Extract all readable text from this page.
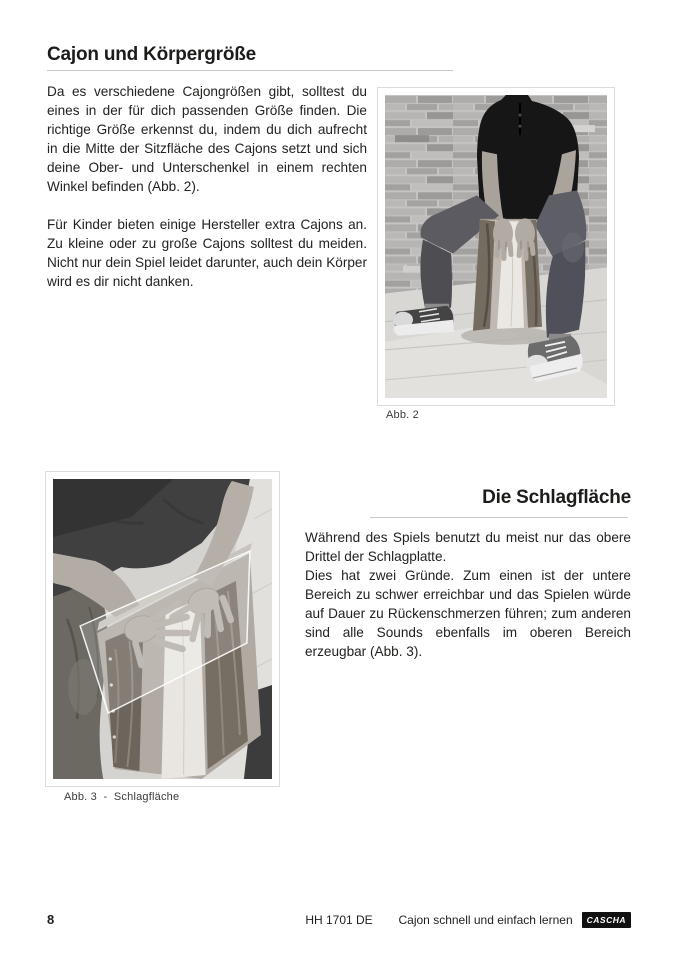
Cajon und Körpergröße

Da es verschiedene Cajongrößen gibt, solltest du eines in der für dich passenden Größe finden. Die richtige Größe erkennst du, indem du dich aufrecht in die Mitte der Sitzfläche des Cajons setzt und sich deine Ober- und Unterschenkel in einem rechten Winkel befinden (Abb. 2).

Für Kinder bieten einige Hersteller extra Cajons an. Zu kleine oder zu große Cajons solltest du meiden. Nicht nur dein Spiel leidet darunter, auch dein Körper wird es dir nicht danken.

Abb. 2
Die Schlagfläche

Während des Spiels benutzt du meist nur das obere Drittel der Schlagplatte.

Dies hat zwei Gründe. Zum einen ist der untere Bereich zu schwer erreichbar und das Spielen würde auf Dauer zu Rückenschmerzen führen; zum anderen sind alle Sounds ebenfalls im oberen Bereich erzeugbar (Abb. 3).

Abb. 3  -  Schlagfläche
8	HH 1701 DE Cajon schnell und einfach lernen	CASCHA
